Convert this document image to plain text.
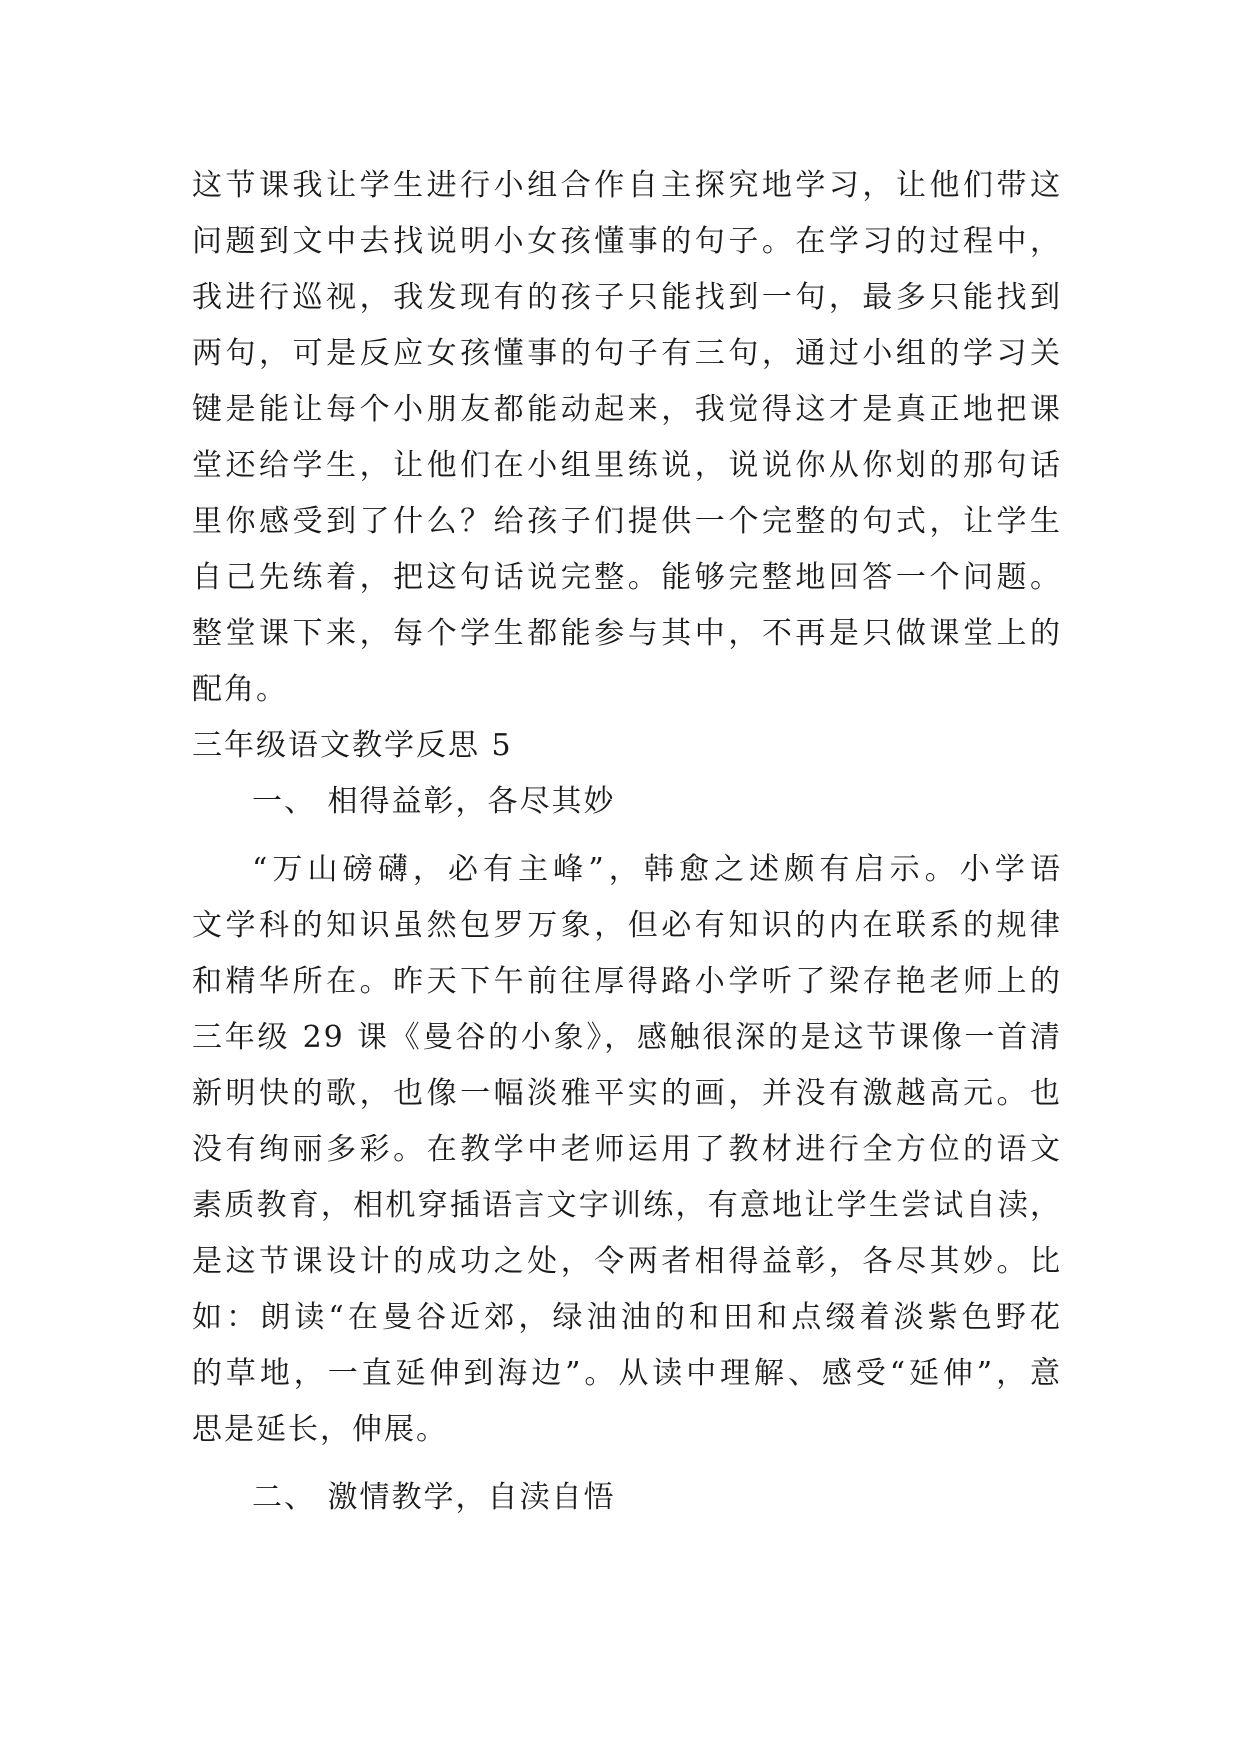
这节课我让学生进行小组合作自主探究地学习，让他们带这
问题到文中去找说明小女孩懂事的句子。在学习的过程中，
我进行巡视，我发现有的孩子只能找到一句，最多只能找到
两句，可是反应女孩懂事的句子有三句，通过小组的学习关
键是能让每个小朋友都能动起来，我觉得这才是真正地把课
堂还给学生，让他们在小组里练说，说说你从你划的那句话
里你感受到了什么？给孩子们提供一个完整的句式，让学生
自己先练着，把这句话说完整。能够完整地回答一个问题。
整堂课下来，每个学生都能参与其中，不再是只做课堂上的
配角。
三年级语文教学反思 5
一、 相得益彰，各尽其妙
“万山磅礴，必有主峰”，韩愈之述颇有启示。小学语
文学科的知识虽然包罗万象，但必有知识的内在联系的规律
和精华所在。昨天下午前往厚得路小学听了梁存艳老师上的
三年级 29 课《曼谷的小象》，感触很深的是这节课像一首清
新明快的歌，也像一幅淡雅平实的画，并没有激越高元。也
没有绚丽多彩。在教学中老师运用了教材进行全方位的语文
素质教育，相机穿插语言文字训练，有意地让学生尝试自渎，
是这节课设计的成功之处，令两者相得益彰，各尽其妙。比
如：朗读“在曼谷近郊，绿油油的和田和点缀着淡紫色野花
的草地，一直延伸到海边”。从读中理解、感受“延伸”，意
思是延长，伸展。
二、 激情教学，自渎自悟
